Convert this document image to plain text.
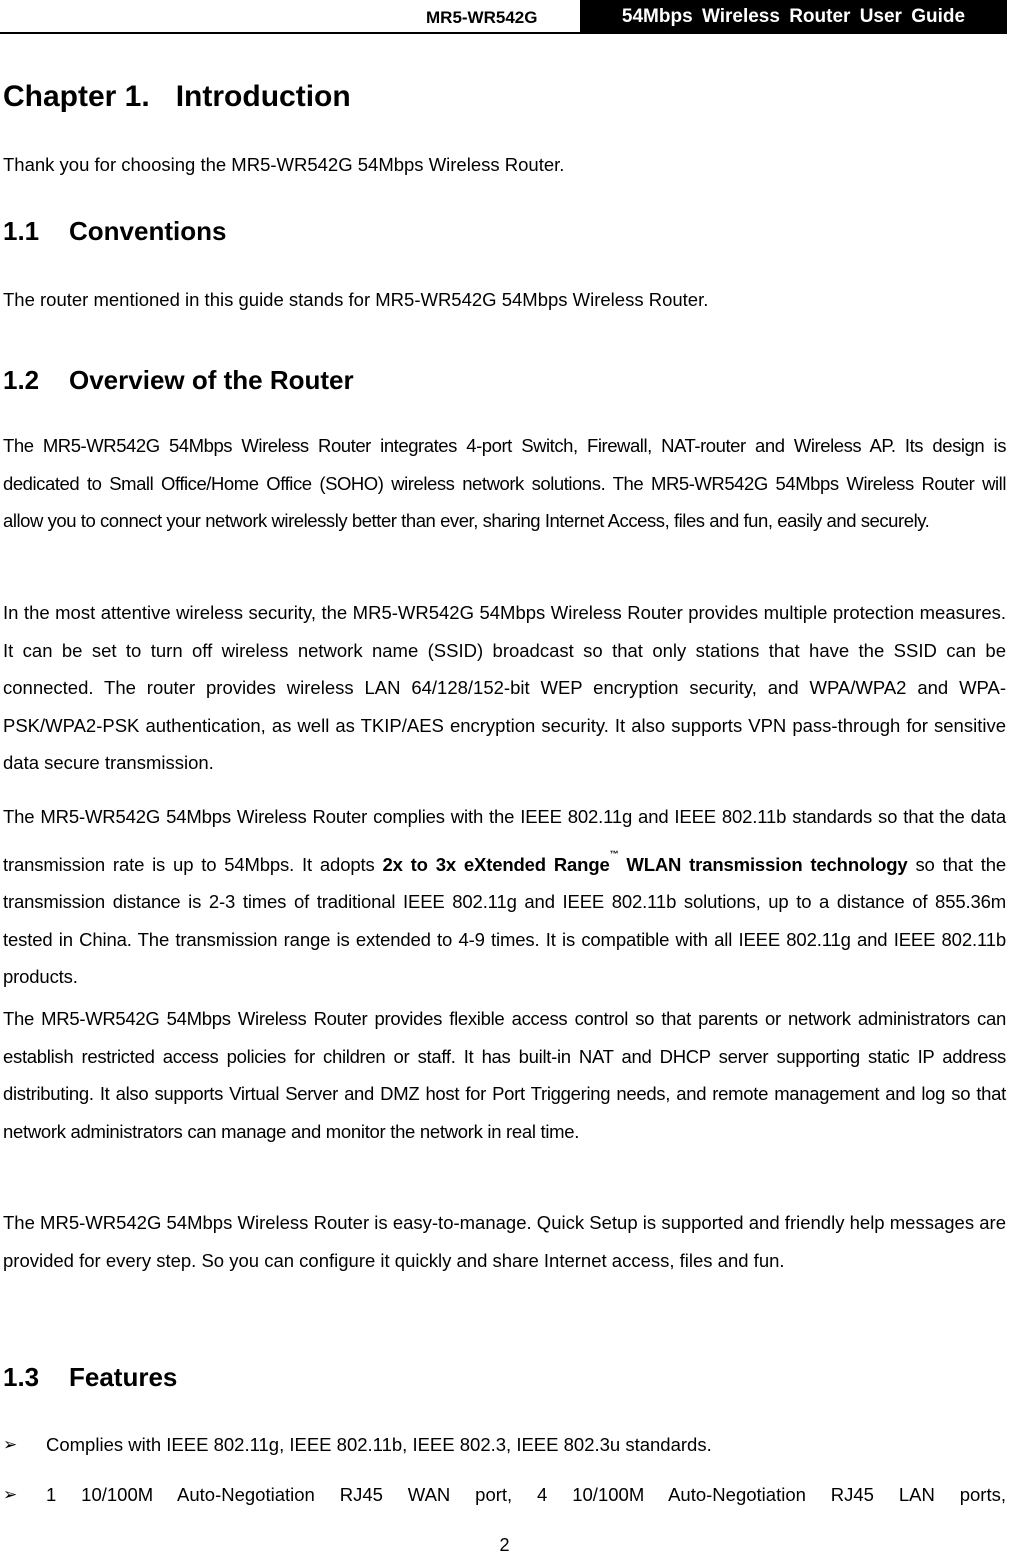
MR5-WR542G	54Mbps Wireless Router User Guide
Chapter 1. Introduction

Thank you for choosing the MR5-WR542G 54Mbps Wireless Router.

1.1 Conventions

The router mentioned in this guide stands for MR5-WR542G 54Mbps Wireless Router.

1.2 Overview of the Router

The MR5-WR542G 54Mbps Wireless Router integrates 4-port Switch, Firewall, NAT-router and Wireless AP. Its design is dedicated to Small Office/Home Office (SOHO) wireless network solutions. The MR5-WR542G 54Mbps Wireless Router will allow you to connect your network wirelessly better than ever, sharing Internet Access, files and fun, easily and securely.

In the most attentive wireless security, the MR5-WR542G 54Mbps Wireless Router provides multiple protection measures. It can be set to turn off wireless network name (SSID) broadcast so that only stations that have the SSID can be connected. The router provides wireless LAN 64/128/152-bit WEP encryption security, and WPA/WPA2 and WPA-PSK/WPA2-PSK authentication, as well as TKIP/AES encryption security. It also supports VPN pass-through for sensitive data secure transmission.

The MR5-WR542G 54Mbps Wireless Router complies with the IEEE 802.11g and IEEE 802.11b standards so that the data transmission rate is up to 54Mbps. It adopts 2x to 3x eXtended Range™ WLAN transmission technology so that the transmission distance is 2-3 times of traditional IEEE 802.11g and IEEE 802.11b solutions, up to a distance of 855.36m tested in China. The transmission range is extended to 4-9 times. It is compatible with all IEEE 802.11g and IEEE 802.11b products.

The MR5-WR542G 54Mbps Wireless Router provides flexible access control so that parents or network administrators can establish restricted access policies for children or staff. It has built-in NAT and DHCP server supporting static IP address distributing. It also supports Virtual Server and DMZ host for Port Triggering needs, and remote management and log so that network administrators can manage and monitor the network in real time.

The MR5-WR542G 54Mbps Wireless Router is easy-to-manage. Quick Setup is supported and friendly help messages are provided for every step. So you can configure it quickly and share Internet access, files and fun.

1.3 Features
➢ Complies with IEEE 802.11g, IEEE 802.11b, IEEE 802.3, IEEE 802.3u standards.
➢ 1 10/100M Auto-Negotiation RJ45 WAN port, 4 10/100M Auto-Negotiation RJ45 LAN ports,
2
